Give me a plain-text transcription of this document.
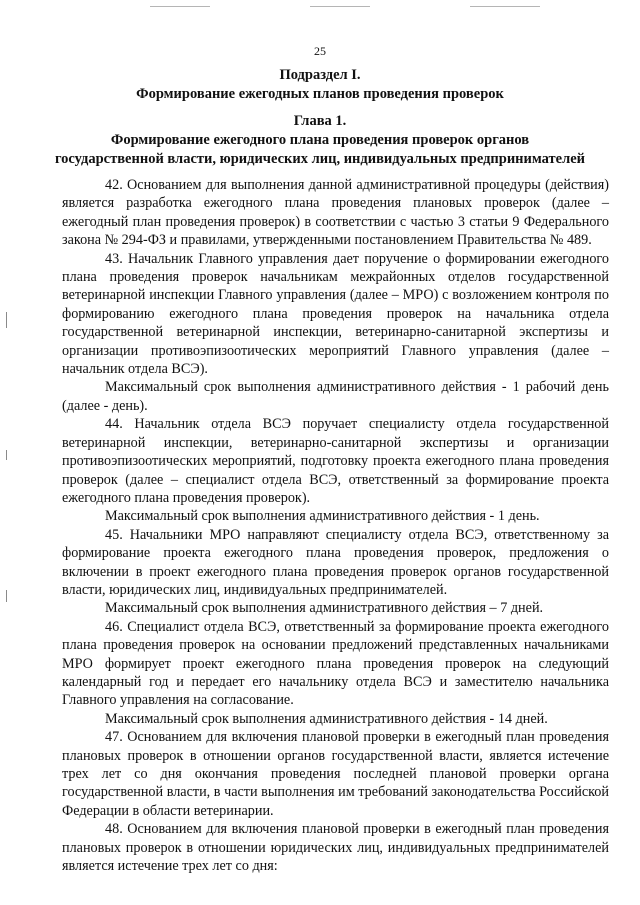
25
Подраздел I.
Формирование ежегодных планов проведения проверок
Глава 1.
Формирование ежегодного плана проведения проверок органов
государственной власти, юридических лиц, индивидуальных предпринимателей

42. Основанием для выполнения данной административной процедуры (действия) является разработка ежегодного плана проведения плановых проверок (далее – ежегодный план проведения проверок) в соответствии с частью 3 статьи 9 Федерального закона № 294-ФЗ и правилами, утвержденными постановлением Правительства № 489.

43. Начальник Главного управления дает поручение о формировании ежегодного плана проведения проверок начальникам межрайонных отделов государственной ветеринарной инспекции Главного управления (далее – МРО) с возложением контроля по формированию ежегодного плана проведения проверок на начальника отдела государственной ветеринарной инспекции, ветеринарно-санитарной экспертизы и организации противоэпизоотических мероприятий Главного управления (далее – начальник отдела ВСЭ).

Максимальный срок выполнения административного действия - 1 рабочий день (далее - день).

44. Начальник отдела ВСЭ поручает специалисту отдела государственной ветеринарной инспекции, ветеринарно-санитарной экспертизы и организации противоэпизоотических мероприятий, подготовку проекта ежегодного плана проведения проверок (далее – специалист отдела ВСЭ, ответственный за формирование проекта ежегодного плана проведения проверок).

Максимальный срок выполнения административного действия - 1 день.

45. Начальники МРО направляют специалисту отдела ВСЭ, ответственному за формирование проекта ежегодного плана проведения проверок, предложения о включении в проект ежегодного плана проведения проверок органов государственной власти, юридических лиц, индивидуальных предпринимателей.

Максимальный срок выполнения административного действия – 7 дней.

46. Специалист отдела ВСЭ, ответственный за формирование проекта ежегодного плана проведения проверок на основании предложений представленных начальниками МРО формирует проект ежегодного плана проведения проверок на следующий календарный год и передает его начальнику отдела ВСЭ и заместителю начальника Главного управления на согласование.

Максимальный срок выполнения административного действия - 14 дней.

47. Основанием для включения плановой проверки в ежегодный план проведения плановых проверок в отношении органов государственной власти, является истечение трех лет со дня окончания проведения последней плановой проверки органа государственной власти, в части выполнения им требований законодательства Российской Федерации в области ветеринарии.

48. Основанием для включения плановой проверки в ежегодный план проведения плановых проверок в отношении юридических лиц, индивидуальных предпринимателей является истечение трех лет со дня:
